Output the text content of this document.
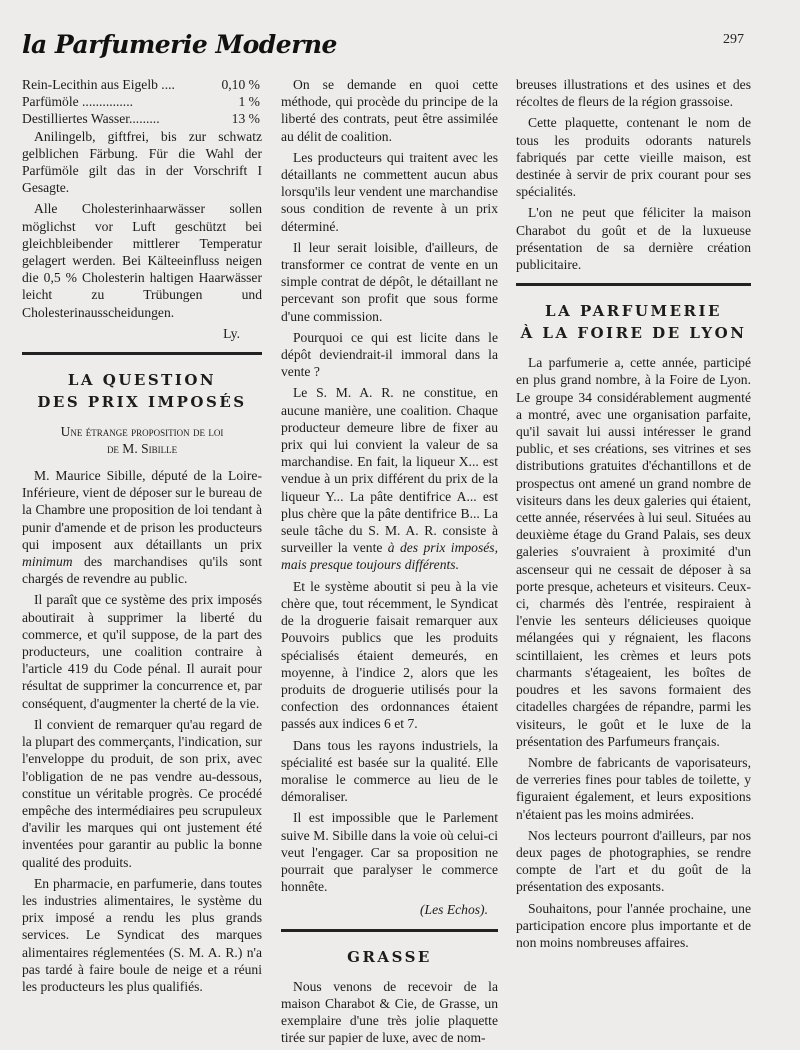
la Parfumerie Moderne	297
Rein-Lecithin aus Eigelb ....	0,10 %
Parfümöle ...............	1 %
Destilliertes Wasser.........	13 %

Anilingelb, giftfrei, bis zur schwatz gelblichen Färbung. Für die Wahl der Parfümöle gilt das in der Vorschrift I Gesagte.

Alle Cholesterinhaarwässer sollen möglichst vor Luft geschützt bei gleichbleibender mittlerer Temperatur gelagert werden. Bei Kälteeinfluss neigen die 0,5 % Cholesterin haltigen Haarwässer leicht zu Trübungen und Cholesterinausscheidungen.

Ly.
LA QUESTION
DES PRIX IMPOSÉS
Une étrange proposition de loi
de M. Sibille

M. Maurice Sibille, député de la Loire-Inférieure, vient de déposer sur le bureau de la Chambre une proposition de loi tendant à punir d'amende et de prison les producteurs qui imposent aux détaillants un prix minimum des marchandises qu'ils sont chargés de revendre au public.

Il paraît que ce système des prix imposés aboutirait à supprimer la liberté du commerce, et qu'il suppose, de la part des producteurs, une coalition contraire à l'article 419 du Code pénal. Il aurait pour résultat de supprimer la concurrence et, par conséquent, d'augmenter la cherté de la vie.

Il convient de remarquer qu'au regard de la plupart des commerçants, l'indication, sur l'enveloppe du produit, de son prix, avec l'obligation de ne pas vendre au-dessous, constitue un véritable progrès. Ce procédé empêche des intermédiaires peu scrupuleux d'avilir les marques qui ont justement été inventées pour garantir au public la bonne qualité des produits.

En pharmacie, en parfumerie, dans toutes les industries alimentaires, le système du prix imposé a rendu les plus grands services. Le Syndicat des marques alimentaires réglementées (S. M. A. R.) n'a pas tardé à faire boule de neige et a réuni les producteurs les plus qualifiés.

On se demande en quoi cette méthode, qui procède du principe de la liberté des contrats, peut être assimilée au délit de coalition.

Les producteurs qui traitent avec les détaillants ne commettent aucun abus lorsqu'ils leur vendent une marchandise sous condition de revente à un prix déterminé.

Il leur serait loisible, d'ailleurs, de transformer ce contrat de vente en un simple contrat de dépôt, le détaillant ne percevant son profit que sous forme d'une commission.

Pourquoi ce qui est licite dans le dépôt deviendrait-il immoral dans la vente ?

Le S. M. A. R. ne constitue, en aucune manière, une coalition. Chaque producteur demeure libre de fixer au prix qui lui convient la valeur de sa marchandise. En fait, la liqueur X... est vendue à un prix différent du prix de la liqueur Y... La pâte dentifrice A... est plus chère que la pâte dentifrice B... La seule tâche du S. M. A. R. consiste à surveiller la vente à des prix imposés, mais presque toujours différents.

Et le système aboutit si peu à la vie chère que, tout récemment, le Syndicat de la droguerie faisait remarquer aux Pouvoirs publics que les produits spécialisés étaient demeurés, en moyenne, à l'indice 2, alors que les produits de droguerie utilisés pour la confection des ordonnances étaient passés aux indices 6 et 7.

Dans tous les rayons industriels, la spécialité est basée sur la qualité. Elle moralise le commerce au lieu de le démoraliser.

Il est impossible que le Parlement suive M. Sibille dans la voie où celui-ci veut l'engager. Car sa proposition ne pourrait que paralyser le commerce honnête.

(Les Echos).
GRASSE

Nous venons de recevoir de la maison Charabot & Cie, de Grasse, un exemplaire d'une très jolie plaquette tirée sur papier de luxe, avec de nom-

breuses illustrations et des usines et des récoltes de fleurs de la région grassoise.

Cette plaquette, contenant le nom de tous les produits odorants naturels fabriqués par cette vieille maison, est destinée à servir de prix courant pour ses spécialités.

L'on ne peut que féliciter la maison Charabot du goût et de la luxueuse présentation de sa dernière création publicitaire.

LA PARFUMERIE
À LA FOIRE DE LYON

La parfumerie a, cette année, participé en plus grand nombre, à la Foire de Lyon. Le groupe 34 considérablement augmenté a montré, avec une organisation parfaite, qu'il savait lui aussi intéresser le grand public, et ses créations, ses vitrines et ses distributions gratuites d'échantillons et de prospectus ont amené un grand nombre de visiteurs dans les deux galeries qui étaient, cette année, réservées à lui seul. Situées au deuxième étage du Grand Palais, ses deux galeries s'ouvraient à proximité d'un ascenseur qui ne cessait de déposer à sa porte presque, acheteurs et visiteurs. Ceux-ci, charmés dès l'entrée, respiraient à l'envie les senteurs délicieuses quoique mélangées qui y régnaient, les flacons scintillaient, les crèmes et leurs pots charmants s'étageaient, les boîtes de poudres et les savons formaient des citadelles chargées de répandre, parmi les visiteurs, le goût et le luxe de la présentation des Parfumeurs français.

Nombre de fabricants de vaporisateurs, de verreries fines pour tables de toilette, y figuraient également, et leurs expositions n'étaient pas les moins admirées.

Nos lecteurs pourront d'ailleurs, par nos deux pages de photographies, se rendre compte de l'art et du goût de la présentation des exposants.

Souhaitons, pour l'année prochaine, une participation encore plus importante et de non moins nombreuses affaires.
